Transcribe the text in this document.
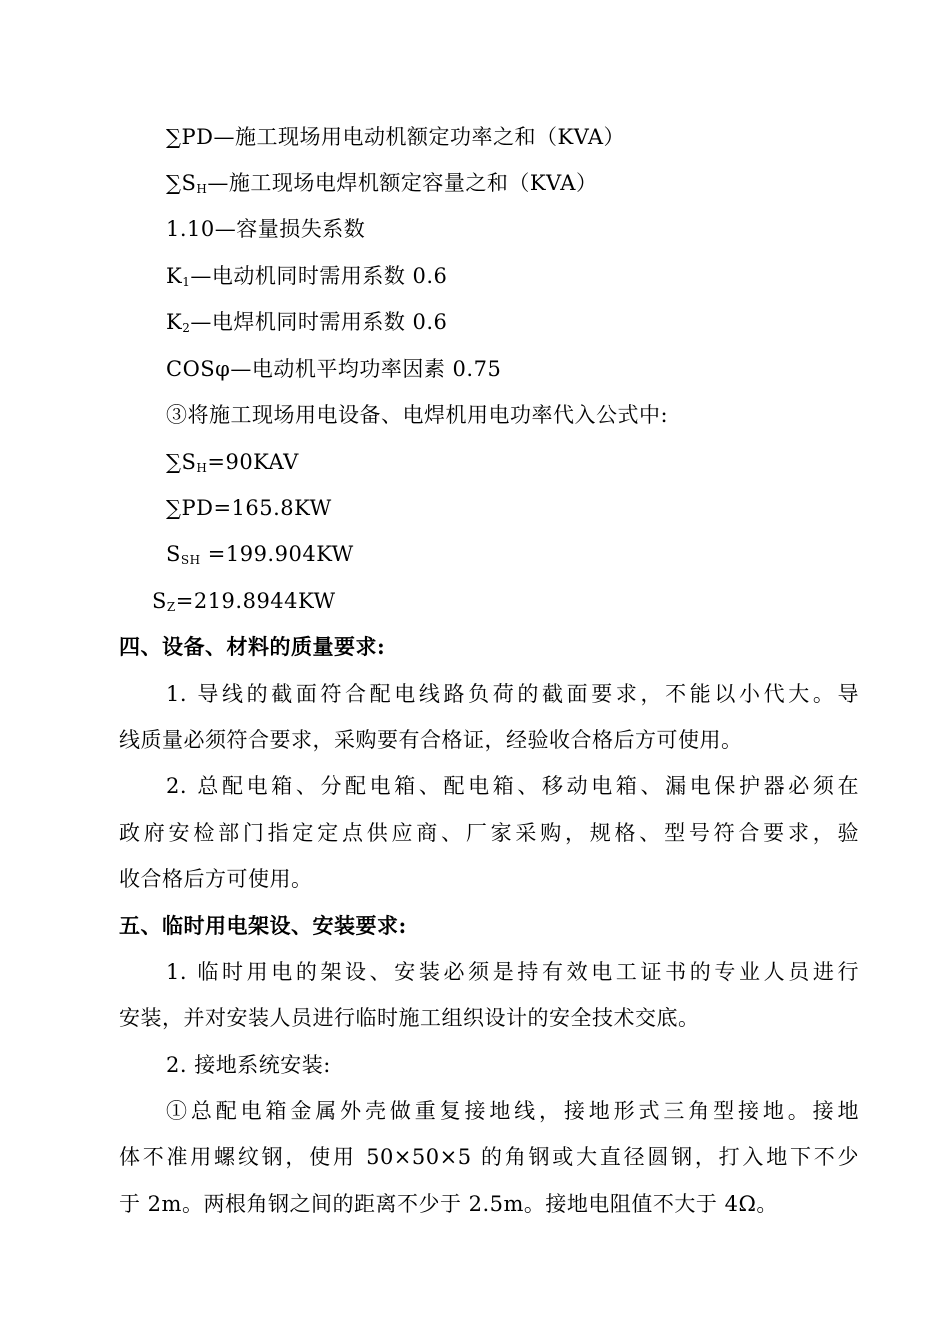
∑PD—施工现场用电动机额定功率之和（KVA）
$\sum S_H—$施工现场电焊机额定容量之和（KVA）
1.10—容量损失系数
$K_1—$电动机同时需用系数 0.6
$K_2—$电焊机同时需用系数 0.6
COSφ—电动机平均功率因素 0.75
③将施工现场用电设备、电焊机用电功率代入公式中:
$\sum S_H=90KAV$
∑PD=165.8KW
$S_{SH} =199.904KW$
$S_Z=219.8944KW$
四、设备、材料的质量要求:
1. 导线的截面符合配电线路负荷的截面要求，不能以小代大。导
线质量必须符合要求，采购要有合格证，经验收合格后方可使用。
2. 总配电箱、分配电箱、配电箱、移动电箱、漏电保护器必须在
政府安检部门指定定点供应商、厂家采购，规格、型号符合要求，验
收合格后方可使用。
五、临时用电架设、安装要求:
1. 临时用电的架设、安装必须是持有效电工证书的专业人员进行
安装，并对安装人员进行临时施工组织设计的安全技术交底。
2. 接地系统安装:
①总配电箱金属外壳做重复接地线，接地形式三角型接地。接地
体不准用螺纹钢，使用 50×50×5 的角钢或大直径圆钢，打入地下不少
于 2m。两根角钢之间的距离不少于 2.5m。接地电阻值不大于 4Ω。
